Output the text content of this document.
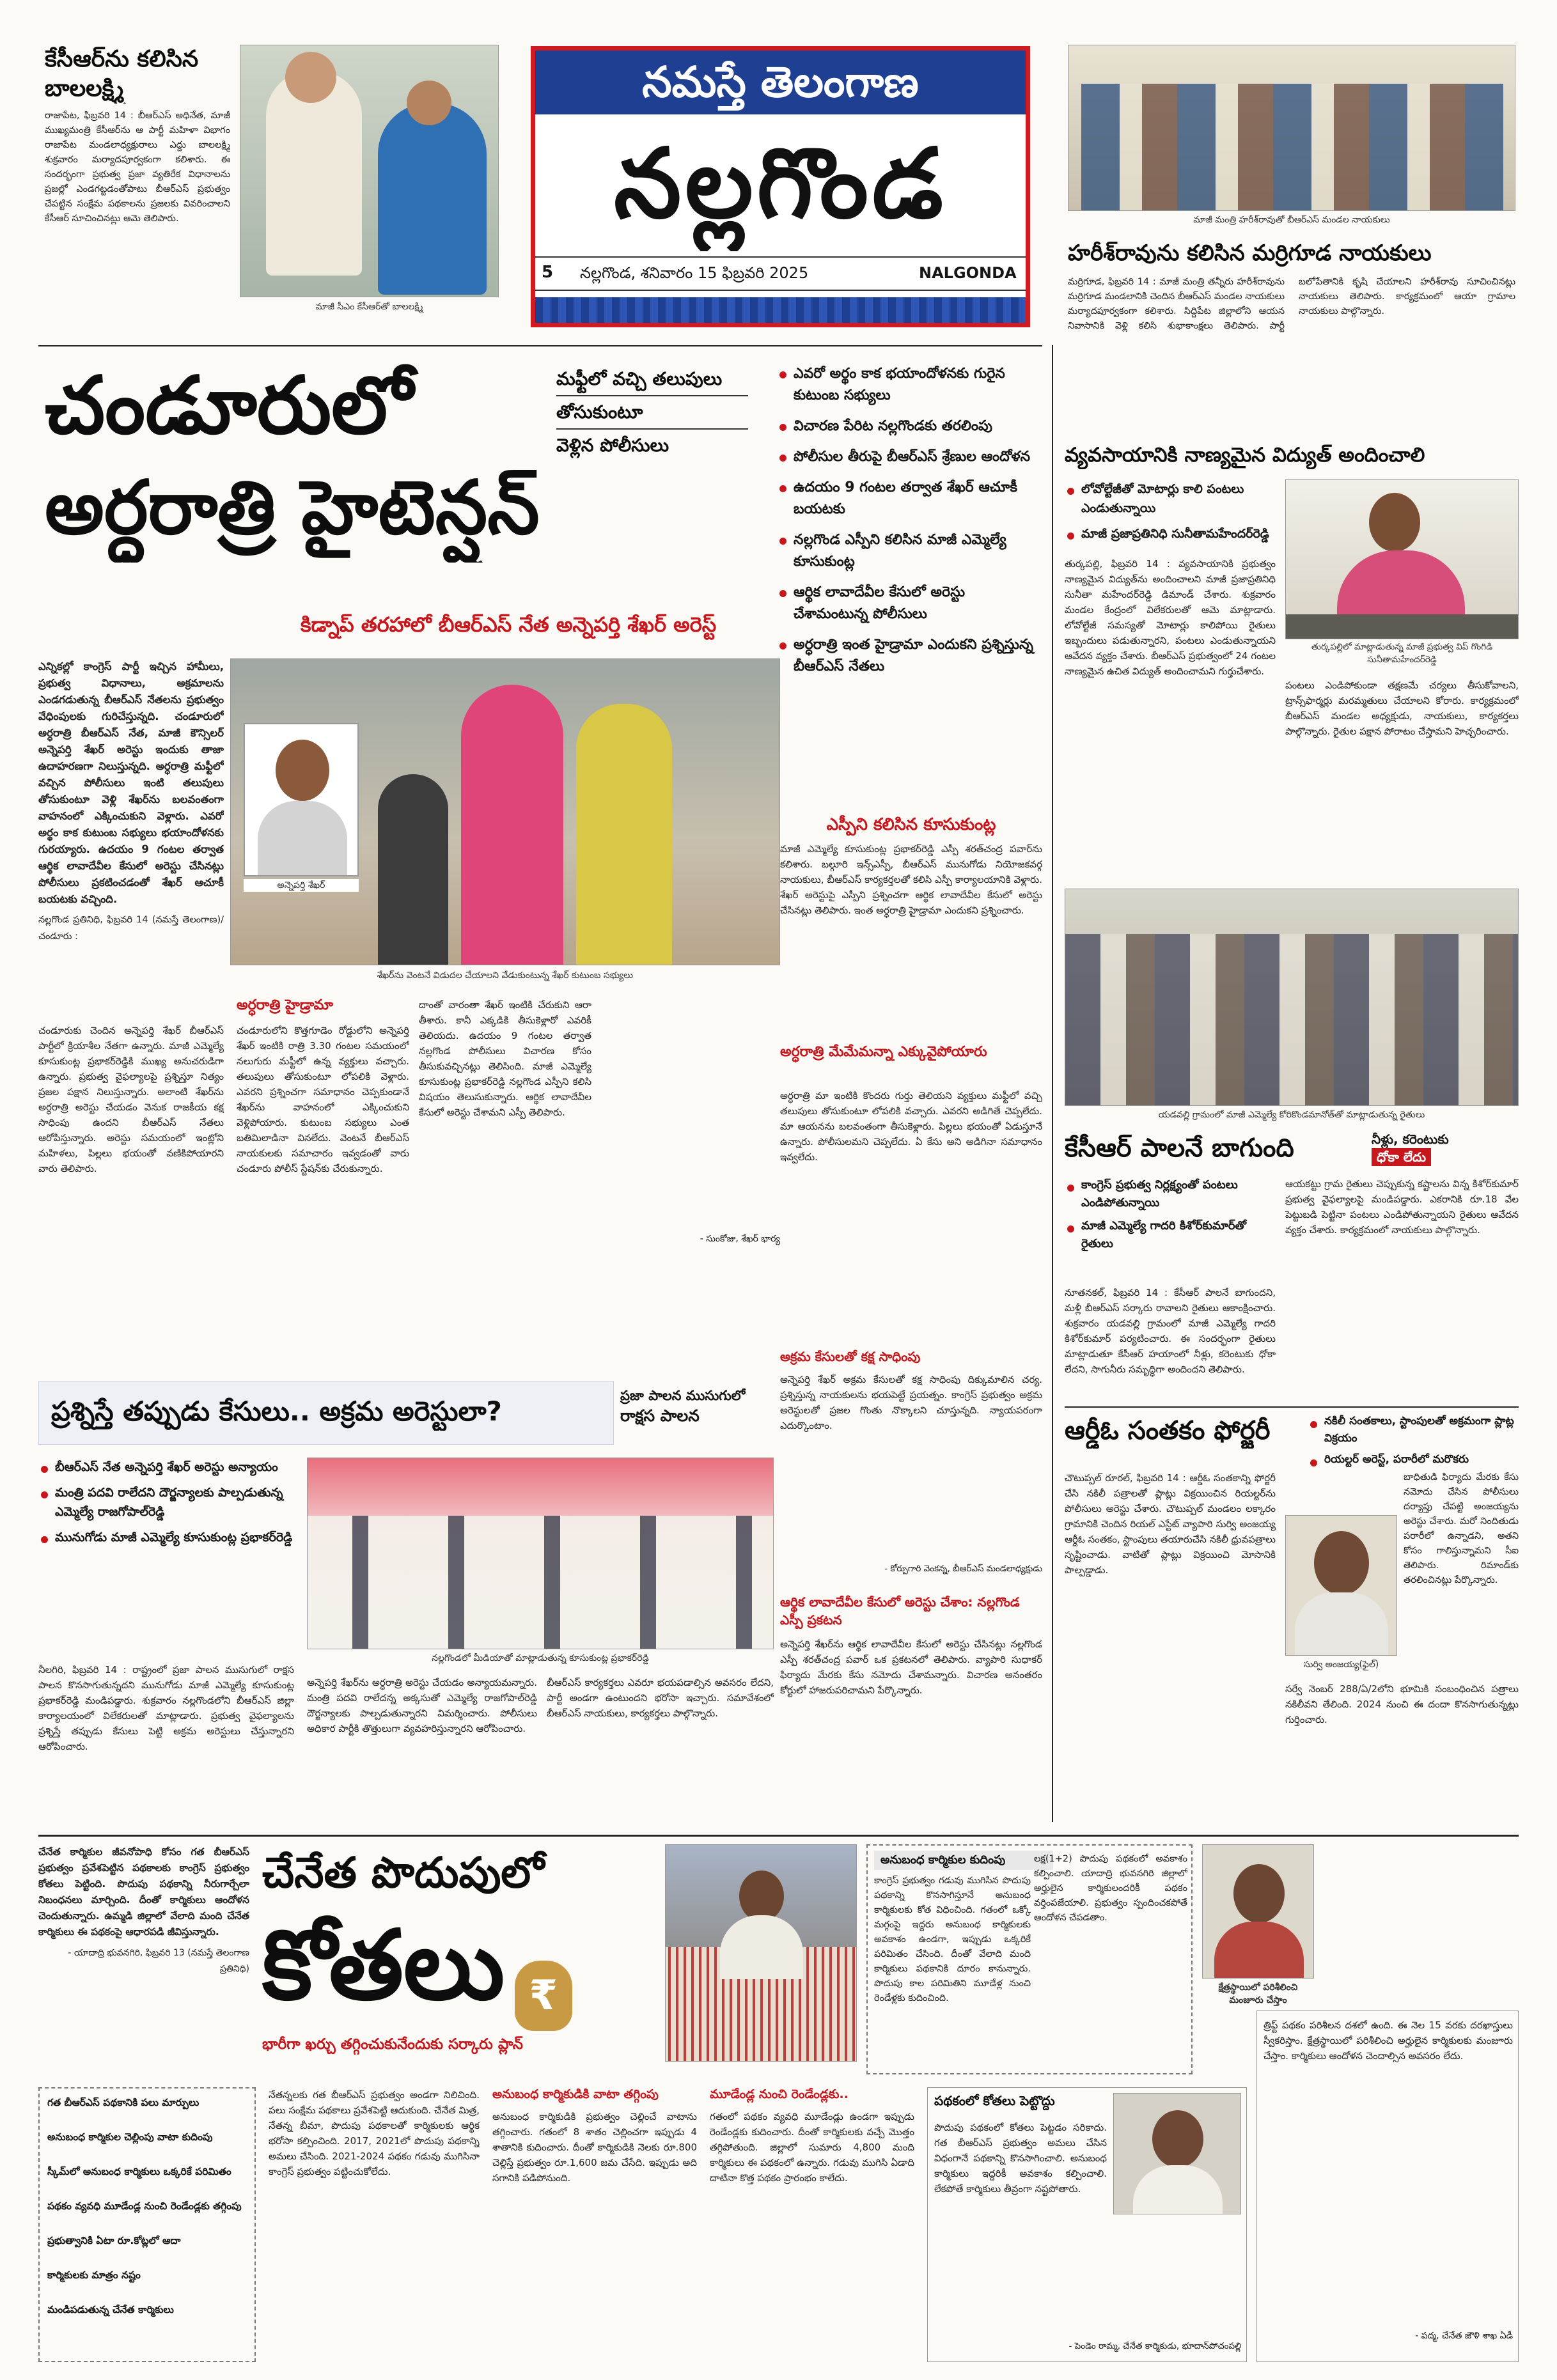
నమస్తే తెలంగాణ
నల్లగొండ
5	నల్లగొండ, శనివారం 15 ఫిబ్రవరి 2025	NALGONDA
కేసీఆర్‌ను కలిసిన బాలలక్ష్మి
రాజాపేట, ఫిబ్రవరి 14 : బీఆర్‌ఎస్‌ అధినేత, మాజీ ముఖ్యమంత్రి కేసీఆర్‌ను ఆ పార్టీ మహిళా విభాగం రాజాపేట మండలాధ్యక్షురాలు ఎద్దు బాలలక్ష్మి శుక్రవారం మర్యాదపూర్వకంగా కలిశారు. ఈ సందర్భంగా ప్రభుత్వ ప్రజా వ్యతిరేక విధానాలను ప్రజల్లో ఎండగట్టడంతోపాటు బీఆర్‌ఎస్‌ ప్రభుత్వం చేపట్టిన సంక్షేమ పథకాలను ప్రజలకు వివరించాలని కేసీఆర్‌ సూచించినట్లు ఆమె తెలిపారు.
మాజీ సీఎం కేసీఆర్‌తో బాలలక్ష్మి
మాజీ మంత్రి హరీశ్‌రావుతో బీఆర్‌ఎస్‌ మండల నాయకులు
హరీశ్‌రావును కలిసిన మర్రిగూడ నాయకులు
మర్రిగూడ, ఫిబ్రవరి 14 : మాజీ మంత్రి తన్నీరు హరీశ్‌రావును మర్రిగూడ మండలానికి చెందిన బీఆర్‌ఎస్‌ మండల నాయకులు మర్యాదపూర్వకంగా కలిశారు. సిద్దిపేట జిల్లాలోని ఆయన నివాసానికి వెళ్లి కలిసి శుభాకాంక్షలు తెలిపారు. పార్టీ బలోపేతానికి కృషి చేయాలని హరీశ్‌రావు సూచించినట్లు నాయకులు తెలిపారు. కార్యక్రమంలో ఆయా గ్రామాల నాయకులు పాల్గొన్నారు.
చండూరులో
అర్ధరాత్రి హైటెన్షన్‌
మఫ్టీలో వచ్చి తలుపులు
తోసుకుంటూ
వెళ్లిన పోలీసులు
ఎవరో అర్థం కాక భయాందోళనకు గురైన కుటుంబ సభ్యులు
విచారణ పేరిట నల్లగొండకు తరలింపు
పోలీసుల తీరుపై బీఆర్‌ఎస్‌ శ్రేణుల ఆందోళన
ఉదయం 9 గంటల తర్వాత శేఖర్‌ ఆచూకీ బయటకు
నల్లగొండ ఎస్పీని కలిసిన మాజీ ఎమ్మెల్యే కూసుకుంట్ల
ఆర్థిక లావాదేవీల కేసులో అరెస్టు చేశామంటున్న పోలీసులు
అర్ధరాత్రి ఇంత హైడ్రామా ఎందుకని ప్రశ్నిస్తున్న బీఆర్‌ఎస్‌ నేతలు
కిడ్నాప్‌ తరహాలో బీఆర్‌ఎస్‌ నేత అన్నెపర్తి శేఖర్‌ అరెస్ట్‌
ఎన్నికల్లో కాంగ్రెస్‌ పార్టీ ఇచ్చిన హామీలు, ప్రభుత్వ విధానాలు, అక్రమాలను ఎండగడుతున్న బీఆర్‌ఎస్‌ నేతలను ప్రభుత్వం వేధింపులకు గురిచేస్తున్నది. చండూరులో అర్ధరాత్రి బీఆర్‌ఎస్‌ నేత, మాజీ కౌన్సిలర్‌ అన్నెపర్తి శేఖర్‌ అరెస్టు ఇందుకు తాజా ఉదాహరణగా నిలుస్తున్నది. అర్ధరాత్రి మఫ్టీలో వచ్చిన పోలీసులు ఇంటి తలుపులు తోసుకుంటూ వెళ్లి శేఖర్‌ను బలవంతంగా వాహనంలో ఎక్కించుకుని వెళ్లారు. ఎవరో అర్థం కాక కుటుంబ సభ్యులు భయాందోళనకు గురయ్యారు. ఉదయం 9 గంటల తర్వాత ఆర్థిక లావాదేవీల కేసులో అరెస్టు చేసినట్లు పోలీసులు ప్రకటించడంతో శేఖర్‌ ఆచూకీ బయటకు వచ్చింది.
నల్లగొండ ప్రతినిధి, ఫిబ్రవరి 14 (నమస్తే తెలంగాణ)/చండూరు :
అన్నెపర్తి శేఖర్‌
శేఖర్‌ను వెంటనే విడుదల చేయాలని వేడుకుంటున్న శేఖర్‌ కుటుంబ సభ్యులు
చండూరుకు చెందిన అన్నెపర్తి శేఖర్‌ బీఆర్‌ఎస్‌ పార్టీలో క్రియాశీల నేతగా ఉన్నారు. మాజీ ఎమ్మెల్యే కూసుకుంట్ల ప్రభాకర్‌రెడ్డికి ముఖ్య అనుచరుడిగా ఉన్నారు. ప్రభుత్వ వైఫల్యాలపై ప్రశ్నిస్తూ నిత్యం ప్రజల పక్షాన నిలుస్తున్నారు. అలాంటి శేఖర్‌ను అర్ధరాత్రి అరెస్టు చేయడం వెనుక రాజకీయ కక్ష సాధింపు ఉందని బీఆర్‌ఎస్‌ నేతలు ఆరోపిస్తున్నారు. అరెస్టు సమయంలో ఇంట్లోని మహిళలు, పిల్లలు భయంతో వణికిపోయారని వారు తెలిపారు.
అర్ధరాత్రి హైడ్రామా
చండూరులోని కొత్తగూడెం రోడ్డులోని అన్నెపర్తి శేఖర్‌ ఇంటికి రాత్రి 3.30 గంటల సమయంలో నలుగురు మఫ్టీలో ఉన్న వ్యక్తులు వచ్చారు. తలుపులు తోసుకుంటూ లోపలికి వెళ్లారు. ఎవరని ప్రశ్నించగా సమాధానం చెప్పకుండానే శేఖర్‌ను వాహనంలో ఎక్కించుకుని వెళ్లిపోయారు. కుటుంబ సభ్యులు ఎంత బతిమిలాడినా వినలేదు. వెంటనే బీఆర్‌ఎస్‌ నాయకులకు సమాచారం ఇవ్వడంతో వారు చండూరు పోలీస్‌ స్టేషన్‌కు చేరుకున్నారు.
దాంతో వారంతా శేఖర్‌ ఇంటికి చేరుకుని ఆరా తీశారు. కానీ ఎక్కడికి తీసుకెళ్లారో ఎవరికీ తెలియదు. ఉదయం 9 గంటల తర్వాత నల్లగొండ పోలీసులు విచారణ కోసం తీసుకువచ్చినట్లు తెలిసింది. మాజీ ఎమ్మెల్యే కూసుకుంట్ల ప్రభాకర్‌రెడ్డి నల్లగొండ ఎస్పీని కలిసి విషయం తెలుసుకున్నారు. ఆర్థిక లావాదేవీల కేసులో అరెస్టు చేశామని ఎస్పీ తెలిపారు.
- సుంకోజు, శేఖర్‌ భార్య
ఎస్పీని కలిసిన కూసుకుంట్ల
మాజీ ఎమ్మెల్యే కూసుకుంట్ల ప్రభాకర్‌రెడ్డి ఎస్పీ శరత్‌చంద్ర పవార్‌ను కలిశారు. బల్గూరి ఇన్స్‌ఎస్పీ, బీఆర్‌ఎస్‌ మునుగోడు నియోజకవర్గ నాయకులు, బీఆర్‌ఎస్‌ కార్యకర్తలతో కలిసి ఎస్పీ కార్యాలయానికి వెళ్లారు. శేఖర్‌ అరెస్టుపై ఎస్పీని ప్రశ్నించగా ఆర్థిక లావాదేవీల కేసులో అరెస్టు చేసినట్లు తెలిపారు. ఇంత అర్ధరాత్రి హైడ్రామా ఎందుకని ప్రశ్నించారు.
అర్ధరాత్రి మేమేమన్నా ఎక్కువైపోయారు
అర్ధరాత్రి మా ఇంటికి కొందరు గుర్తు తెలియని వ్యక్తులు మఫ్టీలో వచ్చి తలుపులు తోసుకుంటూ లోపలికి వచ్చారు. ఎవరని అడిగితే చెప్పలేదు. మా ఆయనను బలవంతంగా తీసుకెళ్లారు. పిల్లలు భయంతో ఏడుస్తూనే ఉన్నారు. పోలీసులమని చెప్పలేదు. ఏ కేసు అని అడిగినా సమాధానం ఇవ్వలేదు.
అక్రమ కేసులతో కక్ష సాధింపు
అన్నెపర్తి శేఖర్‌ అక్రమ కేసులతో కక్ష సాధింపు దిక్కుమాలిన చర్య. ప్రశ్నిస్తున్న నాయకులను భయపెట్టే ప్రయత్నం. కాంగ్రెస్‌ ప్రభుత్వం అక్రమ అరెస్టులతో ప్రజల గొంతు నొక్కాలని చూస్తున్నది. న్యాయపరంగా ఎదుర్కొంటాం.
- కోర్పుగారి వెంకన్న, బీఆర్‌ఎస్‌ మండలాధ్యక్షుడు
ఆర్థిక లావాదేవీల కేసులో అరెస్టు చేశాం: నల్లగొండ ఎస్పీ ప్రకటన
అన్నెపర్తి శేఖర్‌ను ఆర్థిక లావాదేవీల కేసులో అరెస్టు చేసినట్లు నల్లగొండ ఎస్పీ శరత్‌చంద్ర పవార్‌ ఒక ప్రకటనలో తెలిపారు. వ్యాపారి సుధాకర్‌ ఫిర్యాదు మేరకు కేసు నమోదు చేశామన్నారు. విచారణ అనంతరం కోర్టులో హాజరుపరిచామని పేర్కొన్నారు.
వ్యవసాయానికి నాణ్యమైన విద్యుత్‌ అందించాలి
లోవోల్టేజీతో మోటార్లు కాలి పంటలు ఎండుతున్నాయి
మాజీ ప్రజాప్రతినిధి సునీతామహేందర్‌రెడ్డి
తుర్కపల్లిలో మాట్లాడుతున్న మాజీ ప్రభుత్వ విప్‌ గొంగిడి సునీతామహేందర్‌రెడ్డి
తుర్కపల్లి, ఫిబ్రవరి 14 : వ్యవసాయానికి ప్రభుత్వం నాణ్యమైన విద్యుత్‌ను అందించాలని మాజీ ప్రజాప్రతినిధి సునీతా మహేందర్‌రెడ్డి డిమాండ్‌ చేశారు. శుక్రవారం మండల కేంద్రంలో విలేకరులతో ఆమె మాట్లాడారు. లోవోల్టేజీ సమస్యతో మోటార్లు కాలిపోయి రైతులు ఇబ్బందులు పడుతున్నారని, పంటలు ఎండుతున్నాయని ఆవేదన వ్యక్తం చేశారు. బీఆర్‌ఎస్‌ ప్రభుత్వంలో 24 గంటల నాణ్యమైన ఉచిత విద్యుత్‌ అందించామని గుర్తుచేశారు.
పంటలు ఎండిపోకుండా తక్షణమే చర్యలు తీసుకోవాలని, ట్రాన్స్‌ఫార్మర్లు మరమ్మతులు చేయాలని కోరారు. కార్యక్రమంలో బీఆర్‌ఎస్‌ మండల అధ్యక్షుడు, నాయకులు, కార్యకర్తలు పాల్గొన్నారు. రైతుల పక్షాన పోరాటం చేస్తామని హెచ్చరించారు.
యడవల్లి గ్రామంలో మాజీ ఎమ్మెల్యే కోరికొండమానోత్‌తో మాట్లాడుతున్న రైతులు
కేసీఆర్‌ పాలనే బాగుంది	నీళ్లు, కరెంటుకు
ధోకా లేదు
కాంగ్రెస్‌ ప్రభుత్వ నిర్లక్ష్యంతో పంటలు ఎండిపోతున్నాయి
మాజీ ఎమ్మెల్యే గాదరి కిశోర్‌కుమార్‌తో రైతులు
నూతనకల్‌, ఫిబ్రవరి 14 : కేసీఆర్‌ పాలనే బాగుందని, మళ్లీ బీఆర్‌ఎస్‌ సర్కారు రావాలని రైతులు ఆకాంక్షించారు. శుక్రవారం యడవల్లి గ్రామంలో మాజీ ఎమ్మెల్యే గాదరి కిశోర్‌కుమార్‌ పర్యటించారు. ఈ సందర్భంగా రైతులు మాట్లాడుతూ కేసీఆర్‌ హయాంలో నీళ్లు, కరెంటుకు ధోకా లేదని, సాగునీరు సమృద్ధిగా అందిందని తెలిపారు.
ఆయకట్టు గ్రామ రైతులు చెప్పుకున్న కష్టాలను విన్న కిశోర్‌కుమార్‌ ప్రభుత్వ వైఫల్యాలపై మండిపడ్డారు. ఎకరానికి రూ.18 వేల పెట్టుబడి పెట్టినా పంటలు ఎండిపోతున్నాయని రైతులు ఆవేదన వ్యక్తం చేశారు. కార్యక్రమంలో నాయకులు పాల్గొన్నారు.
ఆర్డీఓ సంతకం ఫోర్జరీ	నకిలీ సంతకాలు, స్టాంపులతో అక్రమంగా ప్లాట్ల విక్రయం
రియల్టర్‌ అరెస్ట్‌, పరారీలో మరొకరు
చౌటుప్పల్‌ రూరల్‌, ఫిబ్రవరి 14 : ఆర్డీఓ సంతకాన్ని ఫోర్జరీ చేసి నకిలీ పత్రాలతో ప్లాట్లు విక్రయించిన రియల్టర్‌ను పోలీసులు అరెస్టు చేశారు. చౌటుప్పల్‌ మండలం లక్కారం గ్రామానికి చెందిన రియల్‌ ఎస్టేట్‌ వ్యాపారి సుర్వి అంజయ్య ఆర్డీఓ సంతకం, స్టాంపులు తయారుచేసి నకిలీ ధ్రువపత్రాలు సృష్టించాడు. వాటితో ప్లాట్లు విక్రయించి మోసానికి పాల్పడ్డాడు.
సుర్వి అంజయ్య(ఫైల్‌)
బాధితుడి ఫిర్యాదు మేరకు కేసు నమోదు చేసిన పోలీసులు దర్యాప్తు చేపట్టి అంజయ్యను అరెస్టు చేశారు. మరో నిందితుడు పరారీలో ఉన్నాడని, అతని కోసం గాలిస్తున్నామని సీఐ తెలిపారు. రిమాండ్‌కు తరలించినట్లు పేర్కొన్నారు.
సర్వే నెంబర్‌ 288/ఏ/2లోని భూమికి సంబంధించిన పత్రాలు నకిలీవని తేలింది. 2024 నుంచి ఈ దందా కొనసాగుతున్నట్లు గుర్తించారు.
ప్రశ్నిస్తే తప్పుడు కేసులు.. అక్రమ అరెస్టులా?	ప్రజా పాలన ముసుగులో
రాక్షస పాలన
బీఆర్‌ఎస్‌ నేత అన్నెపర్తి శేఖర్‌ అరెస్టు అన్యాయం
మంత్రి పదవి రాలేదని దౌర్జన్యాలకు పాల్పడుతున్న ఎమ్మెల్యే రాజగోపాల్‌రెడ్డి
మునుగోడు మాజీ ఎమ్మెల్యే కూసుకుంట్ల ప్రభాకర్‌రెడ్డి
నల్లగొండలో మీడియాతో మాట్లాడుతున్న కూసుకుంట్ల ప్రభాకర్‌రెడ్డి
నీలగిరి, ఫిబ్రవరి 14 : రాష్ట్రంలో ప్రజా పాలన ముసుగులో రాక్షస పాలన కొనసాగుతున్నదని మునుగోడు మాజీ ఎమ్మెల్యే కూసుకుంట్ల ప్రభాకర్‌రెడ్డి మండిపడ్డారు. శుక్రవారం నల్లగొండలోని బీఆర్‌ఎస్‌ జిల్లా కార్యాలయంలో విలేకరులతో మాట్లాడారు. ప్రభుత్వ వైఫల్యాలను ప్రశ్నిస్తే తప్పుడు కేసులు పెట్టి అక్రమ అరెస్టులు చేస్తున్నారని ఆరోపించారు.
అన్నెపర్తి శేఖర్‌ను అర్ధరాత్రి అరెస్టు చేయడం అన్యాయమన్నారు. మంత్రి పదవి రాలేదన్న అక్కసుతో ఎమ్మెల్యే రాజగోపాల్‌రెడ్డి దౌర్జన్యాలకు పాల్పడుతున్నారని విమర్శించారు. పోలీసులు అధికార పార్టీకి తొత్తులుగా వ్యవహరిస్తున్నారని ఆరోపించారు.
బీఆర్‌ఎస్‌ కార్యకర్తలు ఎవరూ భయపడాల్సిన అవసరం లేదని, పార్టీ అండగా ఉంటుందని భరోసా ఇచ్చారు. సమావేశంలో బీఆర్‌ఎస్‌ నాయకులు, కార్యకర్తలు పాల్గొన్నారు.
చేనేత కార్మికుల జీవనోపాధి కోసం గత బీఆర్‌ఎస్‌ ప్రభుత్వం ప్రవేశపెట్టిన పథకాలకు కాంగ్రెస్‌ ప్రభుత్వం కోతలు పెట్టింది. పొదుపు పథకాన్ని నీరుగార్చేలా నిబంధనలు మార్చింది. దీంతో కార్మికులు ఆందోళన చెందుతున్నారు. ఉమ్మడి జిల్లాలో వేలాది మంది చేనేత కార్మికులు ఈ పథకంపై ఆధారపడి జీవిస్తున్నారు.
- యాదాద్రి భువనగిరి, ఫిబ్రవరి 13 (నమస్తే తెలంగాణ ప్రతినిధి)
చేనేత పొదుపులో
కోతలు ₹
భారీగా ఖర్చు తగ్గించుకునేందుకు సర్కారు ప్లాన్‌
అనుబంధ కార్మికుల కుదింపు
కాంగ్రెస్‌ ప్రభుత్వం గడువు ముగిసిన పొదుపు పథకాన్ని కొనసాగిస్తూనే అనుబంధ కార్మికులకు కోత విధించింది. గతంలో ఒక్కో మగ్గంపై ఇద్దరు అనుబంధ కార్మికులకు అవకాశం ఉండగా, ఇప్పుడు ఒక్కరికే పరిమితం చేసింది. దీంతో వేలాది మంది కార్మికులు పథకానికి దూరం కానున్నారు. పొదుపు కాల పరిమితిని మూడేళ్ల నుంచి రెండేళ్లకు కుదించింది.
లక్ష(1+2) పొదుపు పథకంలో అవకాశం కల్పించాలి. యాదాద్రి భువనగిరి జిల్లాలో అర్హులైన కార్మికులందరికీ పథకం వర్తింపజేయాలి. ప్రభుత్వం స్పందించకపోతే ఆందోళన చేపడతాం.
క్షేత్రస్థాయిలో పరిశీలించి మంజూరు చేస్తాం
గత బీఆర్‌ఎస్‌ పథకానికి పలు మార్పులు
అనుబంధ కార్మికుల చెల్లింపు వాటా కుదింపు
స్కీమ్‌లో అనుబంధ కార్మికులు ఒక్కరికే పరిమితం
పథకం వ్యవధి మూడేండ్ల నుంచి రెండేండ్లకు తగ్గింపు
ప్రభుత్వానికి ఏటా రూ.కోట్లలో ఆదా
కార్మికులకు మాత్రం నష్టం
మండిపడుతున్న చేనేత కార్మికులు
నేతన్నలకు గత బీఆర్‌ఎస్‌ ప్రభుత్వం అండగా నిలిచింది. పలు సంక్షేమ పథకాలు ప్రవేశపెట్టి ఆదుకుంది. చేనేత మిత్ర, నేతన్న బీమా, పొదుపు పథకాలతో కార్మికులకు ఆర్థిక భరోసా కల్పించింది. 2017, 2021లో పొదుపు పథకాన్ని అమలు చేసింది. 2021-2024 పథకం గడువు ముగిసినా కాంగ్రెస్‌ ప్రభుత్వం పట్టించుకోలేదు.
అనుబంధ కార్మికుడికి వాటా తగ్గింపు
అనుబంధ కార్మికుడికి ప్రభుత్వం చెల్లించే వాటాను తగ్గించారు. గతంలో 8 శాతం చెల్లించగా ఇప్పుడు 4 శాతానికి కుదించారు. దీంతో కార్మికుడికి నెలకు రూ.800 చెల్లిస్తే ప్రభుత్వం రూ.1,600 జమ చేసేది. ఇప్పుడు అది సగానికి పడిపోనుంది.
మూడేండ్ల నుంచి రెండేండ్లకు..
గతంలో పథకం వ్యవధి మూడేండ్లు ఉండగా ఇప్పుడు రెండేండ్లకు కుదించారు. దీంతో కార్మికులకు వచ్చే మొత్తం తగ్గిపోతుంది. జిల్లాలో సుమారు 4,800 మంది కార్మికులు ఈ పథకంలో ఉన్నారు. గడువు ముగిసి ఏడాది దాటినా కొత్త పథకం ప్రారంభం కాలేదు.
పథకంలో కోతలు పెట్టొద్దు
పొదుపు పథకంలో కోతలు పెట్టడం సరికాదు. గత బీఆర్‌ఎస్‌ ప్రభుత్వం అమలు చేసిన విధంగానే పథకాన్ని కొనసాగించాలి. అనుబంధ కార్మికులు ఇద్దరికీ అవకాశం కల్పించాలి. లేకపోతే కార్మికులు తీవ్రంగా నష్టపోతారు.
- పెండెం రామ్మ, చేనేత కార్మికుడు, భూదాన్‌పోచంపల్లి
త్రిఫ్ట్‌ పథకం పరిశీలన దశలో ఉంది. ఈ నెల 15 వరకు దరఖాస్తులు స్వీకరిస్తాం. క్షేత్రస్థాయిలో పరిశీలించి అర్హులైన కార్మికులకు మంజూరు చేస్తాం. కార్మికులు ఆందోళన చెందాల్సిన అవసరం లేదు.
- పద్మ, చేనేత జౌళి శాఖ ఏడీ
